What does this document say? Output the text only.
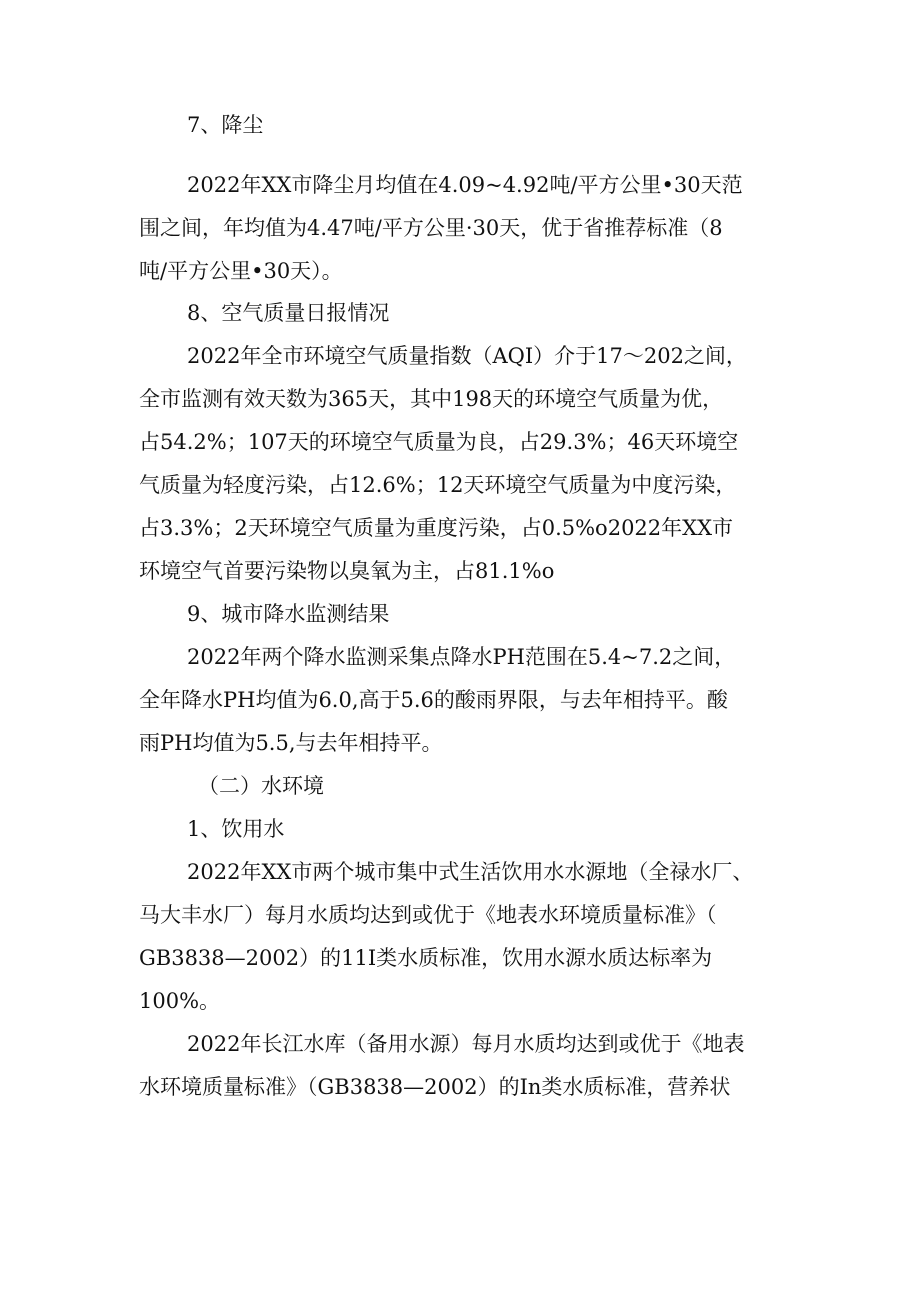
7、降尘
2022年XX市降尘月均值在4.09~4.92吨/平方公里•30天范
围之间，年均值为4.47吨/平方公里·30天，优于省推荐标准（8
吨/平方公里•30天）。
8、空气质量日报情况
2022年全市环境空气质量指数（AQI）介于17～202之间，
全市监测有效天数为365天，其中198天的环境空气质量为优，
占54.2%；107天的环境空气质量为良，占29.3%；46天环境空
气质量为轻度污染，占12.6%；12天环境空气质量为中度污染，
占3.3%；2天环境空气质量为重度污染，占0.5%o2022年XX市
环境空气首要污染物以臭氧为主，占81.1%o
9、城市降水监测结果
2022年两个降水监测采集点降水PH范围在5.4~7.2之间，
全年降水PH均值为6.0,高于5.6的酸雨界限，与去年相持平。酸
雨PH均值为5.5,与去年相持平。
（二）水环境
1、饮用水
2022年XX市两个城市集中式生活饮用水水源地（全禄水厂、
马大丰水厂）每月水质均达到或优于《地表水环境质量标准》（
GB3838—2002）的11I类水质标准，饮用水源水质达标率为
100%。
2022年长江水库（备用水源）每月水质均达到或优于《地表
水环境质量标准》（GB3838—2002）的In类水质标准，营养状
